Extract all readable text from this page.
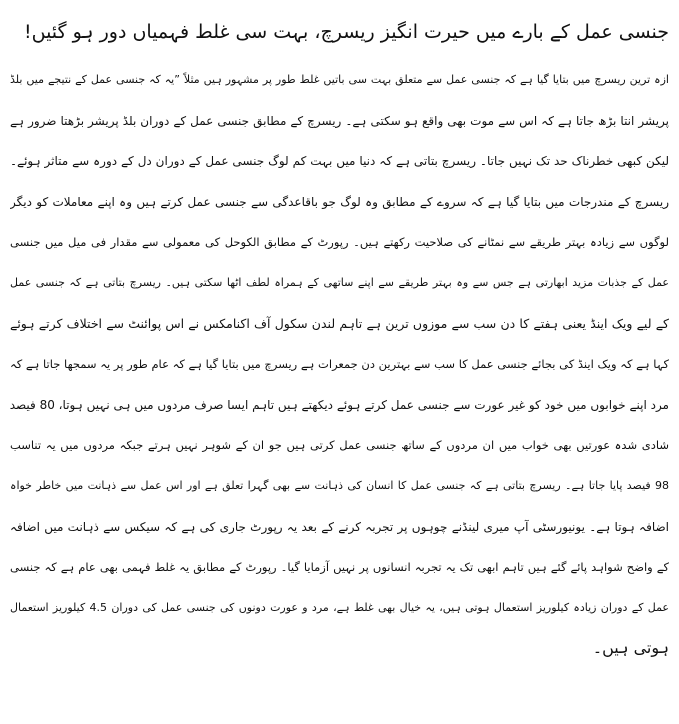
جنسی عمل کے بارے میں حیرت انگیز ریسرچ، بہت سی غلط فہمیاں دور ہو گئیں!
ازہ ترین ریسرچ میں بتایا گیا ہے کہ جنسی عمل سے متعلق بہت سی باتیں غلط طور پر مشہور ہیں مثلاً ”یہ کہ جنسی عمل کے نتیجے میں بلڈ
پریشر انتا بڑھ جاتا ہے کہ اس سے موت بھی واقع ہو سکتی ہے۔ ریسرچ کے مطابق جنسی عمل کے دوران بلڈ پریشر بڑھتا ضرور ہے
لیکن کبھی خطرناک حد تک نہیں جاتا۔ ریسرچ بتاتی ہے کہ دنیا میں بہت کم لوگ جنسی عمل کے دوران دل کے دورہ سے متاثر ہوئے۔
ریسرچ کے مندرجات میں بتایا گیا ہے کہ سروے کے مطابق وہ لوگ جو باقاعدگی سے جنسی عمل کرتے ہیں وہ اپنے معاملات کو دیگر
لوگوں سے زیادہ بہتر طریقے سے نمٹانے کی صلاحیت رکھتے ہیں۔ رپورٹ کے مطابق الکوحل کی معمولی سے مقدار فی میل میں جنسی
عمل کے جذبات مزید ابھارتی ہے جس سے وہ بہتر طریقے سے اپنے ساتھی کے ہمراہ لطف اٹھا سکتی ہیں۔ ریسرچ بتاتی ہے کہ جنسی عمل
کے لیے ویک اینڈ یعنی ہفتے کا دن سب سے موزوں ترین ہے تاہم لندن سکول آف اکنامکس نے اس پوائنٹ سے اختلاف کرتے ہوئے
کہا ہے کہ ویک اینڈ کی بجائے جنسی عمل کا سب سے بہترین دن جمعرات ہے ریسرچ میں بتایا گیا ہے کہ عام طور پر یہ سمجھا جاتا ہے کہ
مرد اپنے خوابوں میں خود کو غیر عورت سے جنسی عمل کرتے ہوئے دیکھتے ہیں تاہم ایسا صرف مردوں میں ہی نہیں ہوتا، 80 فیصد
شادی شدہ عورتیں بھی خواب میں ان مردوں کے ساتھ جنسی عمل کرتی ہیں جو ان کے شوہر نہیں ہرتے جبکہ مردوں میں یہ تناسب
98 فیصد پایا جاتا ہے۔ ریسرچ بتاتی ہے کہ جنسی عمل کا انسان کی ذہانت سے بھی گہرا تعلق ہے اور اس عمل سے ذہانت میں خاطر خواہ
اضافہ ہوتا ہے۔ یونیورسٹی آپ میری لینڈنے چوہوں پر تجربہ کرنے کے بعد یہ رپورٹ جاری کی ہے کہ سیکس سے ذہانت میں اضافہ
کے واضح شواہد پائے گئے ہیں تاہم ابھی تک یہ تجربہ انسانوں پر نہیں آزمایا گیا۔ رپورٹ کے مطابق یہ غلط فہمی بھی عام ہے کہ جنسی
عمل کے دوران زیادہ کیلوریز استعمال ہوتی ہیں، یہ خیال بھی غلط ہے، مرد و عورت دونوں کی جنسی عمل کی دوران 4.5 کیلوریز استعمال
ہوتی ہیں۔
